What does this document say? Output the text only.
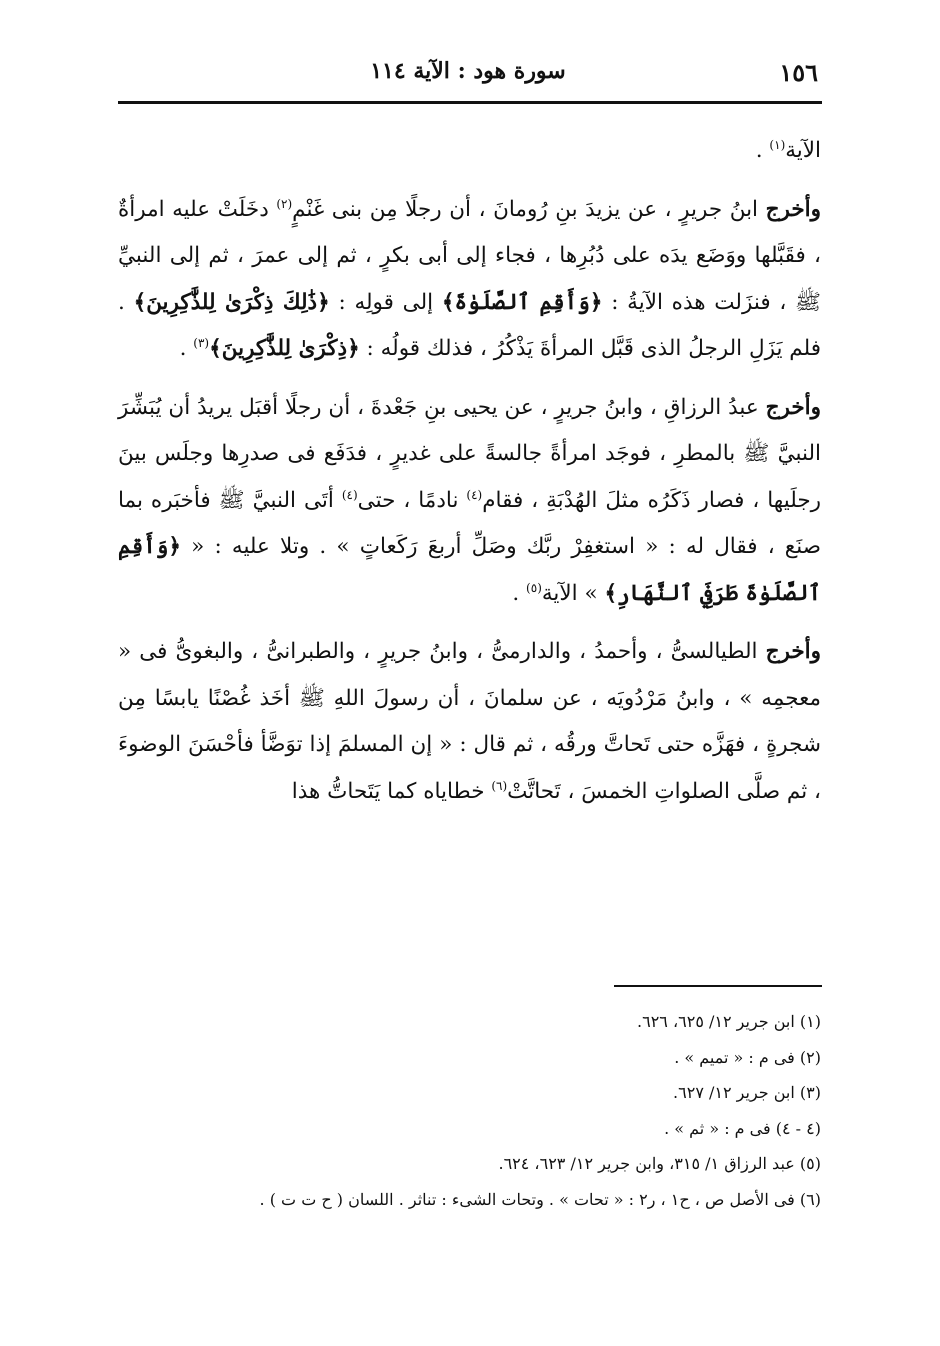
١٥٦
سورة هود : الآية ١١٤

الآية$^{(١)}$ .

وأخرج ابنُ جريرٍ ، عن يزيدَ بنِ رُومانَ ، أن رجلًا مِن بنى غَنْمٍ$^{(٢)}$ دخَلَتْ عليه امرأةٌ ، فقَبَّلها ووَضَع يدَه على دُبُرِها ، فجاء إلى أبى بكرٍ ، ثم إلى عمرَ ، ثم إلى النبيِّ ﷺ ، فنزَلت هذه الآيةُ : ﴿وَأَقِمِ ٱلصَّلَوٰةَ﴾ إلى قولِه : ﴿ذَٰلِكَ ذِكْرَىٰ لِلذَّٰكِرِينَ﴾ . فلم يَزَلِ الرجلُ الذى قَبَّل المرأةَ يَذْكُرُ ، فذلك قولُه : ﴿ذِكْرَىٰ لِلذَّٰكِرِينَ﴾$^{(٣)}$ .

وأخرج عبدُ الرزاقِ ، وابنُ جريرٍ ، عن يحيى بنِ جَعْدةَ ، أن رجلًا أقبَل يريدُ أن يُبَشِّرَ النبيَّ ﷺ بالمطرِ ، فوجَد امرأةً جالسةً على غديرٍ ، فدَفَع فى صدرِها وجلَس بينَ رجلَيها ، فصار ذَكَرُه مثلَ الهُدْبَةِ ، فقام$^{(٤)}$ نادمًا ، حتى$^{(٤)}$ أتَى النبيَّ ﷺ فأخبَره بما صنَع ، فقال له : « استغفِرْ ربَّك وصَلِّ أربعَ رَكَعاتٍ » . وتلا عليه : « ﴿وَأَقِمِ ٱلصَّلَوٰةَ طَرَفَيِ ٱلنَّهَارِ﴾ » الآية$^{(٥)}$ .

وأخرج الطيالسىُّ ، وأحمدُ ، والدارمىُّ ، وابنُ جريرٍ ، والطبرانىُّ ، والبغوىُّ فى « معجمِه » ، وابنُ مَرْدُويَه ، عن سلمانَ ، أن رسولَ اللهِ ﷺ أخَذ غُصْنًا يابسًا مِن شجرةٍ ، فهَزَّه حتى تَحاتَّ ورقُه ، ثم قال : « إن المسلمَ إذا توَضَّأ فأحْسَنَ الوضوءَ ، ثم صلَّى الصلواتِ الخمسَ ، تَحاتَّتْ$^{(٦)}$ خطاياه كما يَتَحاتُّ هذا

(١) ابن جرير ١٢/ ٦٢٥، ٦٢٦.

(٢) فى م : « تميم » .

(٣) ابن جرير ١٢/ ٦٢٧.

(٤ - ٤) فى م : « ثم » .

(٥) عبد الرزاق ١/ ٣١٥، وابن جرير ١٢/ ٦٢٣، ٦٢٤.

(٦) فى الأصل ص ، ح١ ، ر٢ : « تحات » . وتحات الشىء : تناثر . اللسان ( ح ت ت ) .
